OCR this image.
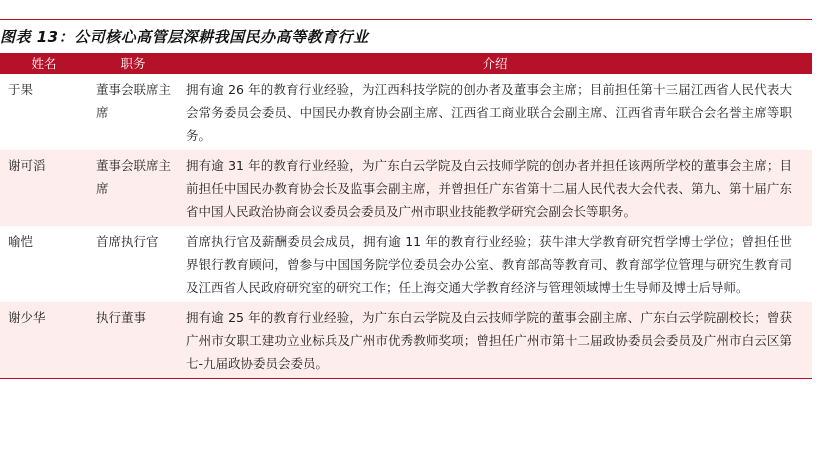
图表 13：公司核心高管层深耕我国民办高等教育行业
姓名	职务	介绍
于果	董事会联席主席	拥有逾 26 年的教育行业经验，为江西科技学院的创办者及董事会主席；目前担任第十三届江西省人民代表大会常务委员会委员、中国民办教育协会副主席、江西省工商业联合会副主席、江西省青年联合会名誉主席等职务。
谢可滔	董事会联席主席	拥有逾 31 年的教育行业经验，为广东白云学院及白云技师学院的创办者并担任该两所学校的董事会主席；目前担任中国民办教育协会长及监事会副主席，并曾担任广东省第十二届人民代表大会代表、第九、第十届广东省中国人民政治协商会议委员会委员及广州市职业技能教学研究会副会长等职务。
喻恺	首席执行官	首席执行官及薪酬委员会成员，拥有逾 11 年的教育行业经验；获牛津大学教育研究哲学博士学位；曾担任世界银行教育顾问，曾参与中国国务院学位委员会办公室、教育部高等教育司、教育部学位管理与研究生教育司及江西省人民政府研究室的研究工作；任上海交通大学教育经济与管理领域博士生导师及博士后导师。
谢少华	执行董事	拥有逾 25 年的教育行业经验，为广东白云学院及白云技师学院的董事会副主席、广东白云学院副校长；曾获广州市女职工建功立业标兵及广州市优秀教师奖项；曾担任广州市第十二届政协委员会委员及广州市白云区第七-九届政协委员会委员。
